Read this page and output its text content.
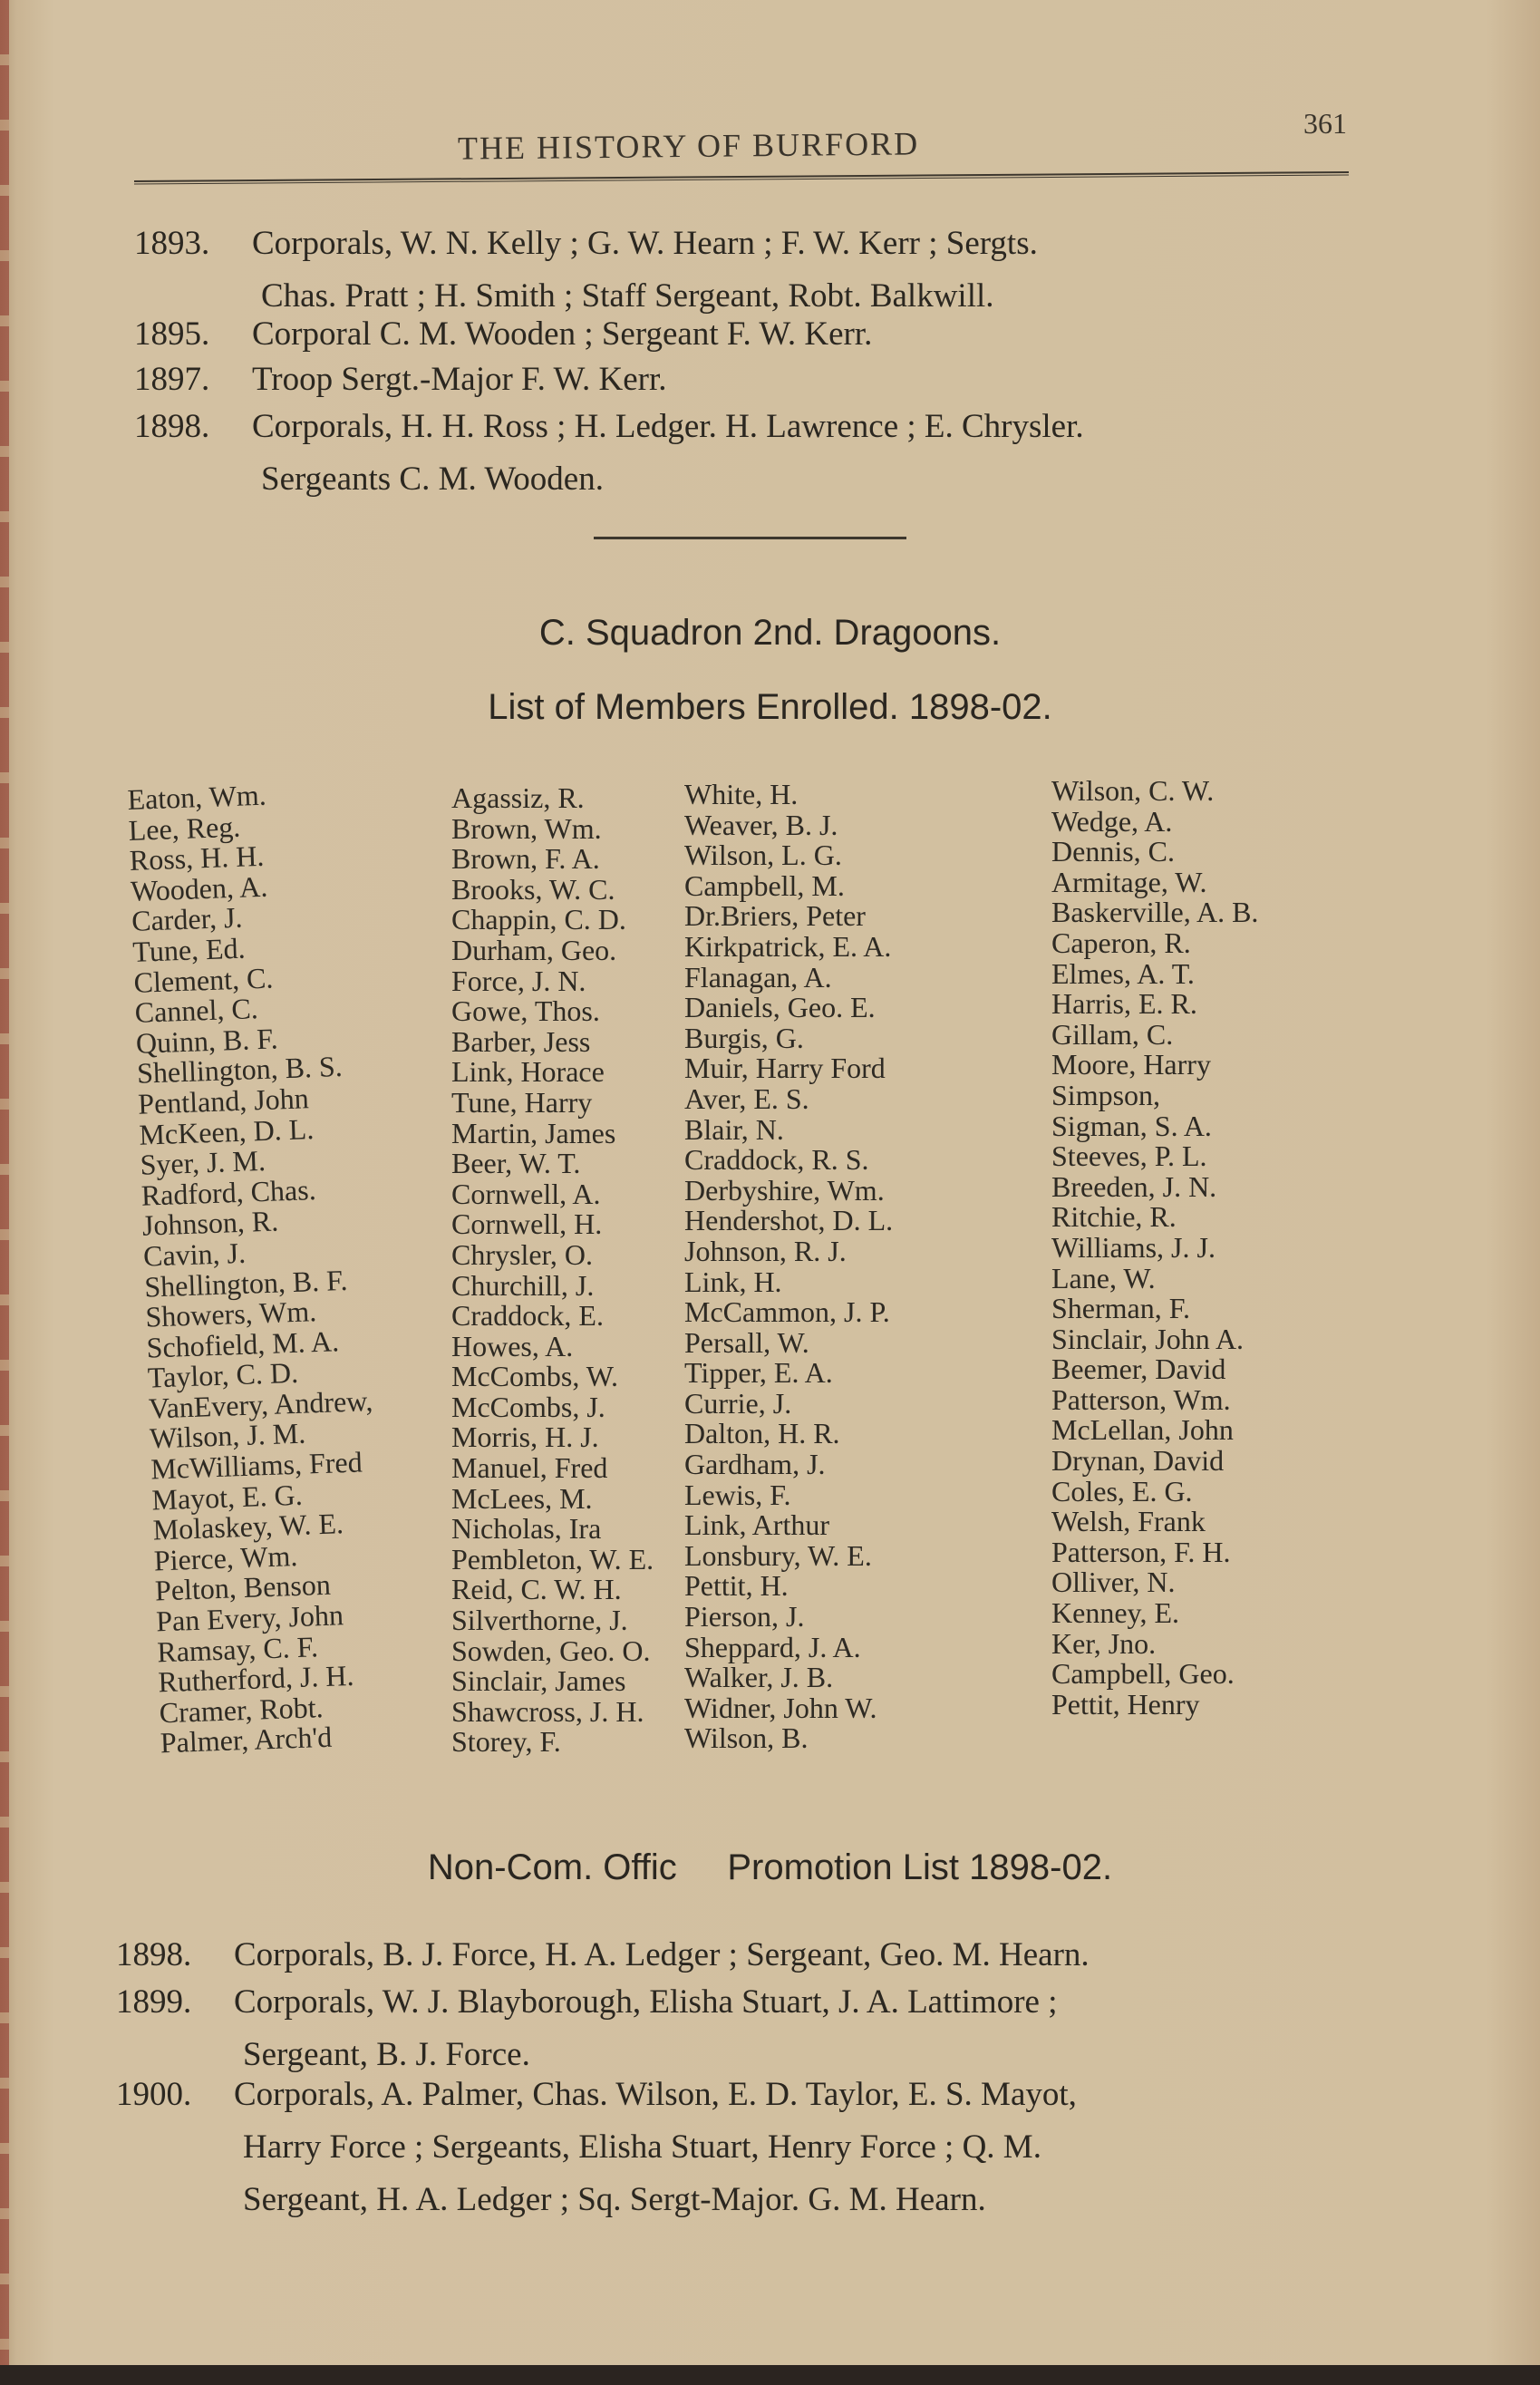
THE HISTORY OF BURFORD
361
1893. Corporals, W. N. Kelly ; G. W. Hearn ; F. W. Kerr ; Sergts.
Chas. Pratt ; H. Smith ; Staff Sergeant, Robt. Balkwill.
1895. Corporal C. M. Wooden ; Sergeant F. W. Kerr.
1897. Troop Sergt.-Major F. W. Kerr.
1898. Corporals, H. H. Ross ; H. Ledger. H. Lawrence ; E. Chrysler.
Sergeants C. M. Wooden.
C. Squadron 2nd. Dragoons.
List of Members Enrolled. 1898-02.
Eaton, Wm.
Lee, Reg.
Ross, H. H.
Wooden, A.
Carder, J.
Tune, Ed.
Clement, C.
Cannel, C.
Quinn, B. F.
Shellington, B. S.
Pentland, John
McKeen, D. L.
Syer, J. M.
Radford, Chas.
Johnson, R.
Cavin, J.
Shellington, B. F.
Showers, Wm.
Schofield, M. A.
Taylor, C. D.
VanEvery, Andrew,
Wilson, J. M.
McWilliams, Fred
Mayot, E. G.
Molaskey, W. E.
Pierce, Wm.
Pelton, Benson
Pan Every, John
Ramsay, C. F.
Rutherford, J. H.
Cramer, Robt.
Palmer, Arch'd
Agassiz, R.
Brown, Wm.
Brown, F. A.
Brooks, W. C.
Chappin, C. D.
Durham, Geo.
Force, J. N.
Gowe, Thos.
Barber, Jess
Link, Horace
Tune, Harry
Martin, James
Beer, W. T.
Cornwell, A.
Cornwell, H.
Chrysler, O.
Churchill, J.
Craddock, E.
Howes, A.
McCombs, W.
McCombs, J.
Morris, H. J.
Manuel, Fred
McLees, M.
Nicholas, Ira
Pembleton, W. E.
Reid, C. W. H.
Silverthorne, J.
Sowden, Geo. O.
Sinclair, James
Shawcross, J. H.
Storey, F.
White, H.
Weaver, B. J.
Wilson, L. G.
Campbell, M.
Dr.Briers, Peter
Kirkpatrick, E. A.
Flanagan, A.
Daniels, Geo. E.
Burgis, G.
Muir, Harry Ford
Aver, E. S.
Blair, N.
Craddock, R. S.
Derbyshire, Wm.
Hendershot, D. L.
Johnson, R. J.
Link, H.
McCammon, J. P.
Persall, W.
Tipper, E. A.
Currie, J.
Dalton, H. R.
Gardham, J.
Lewis, F.
Link, Arthur
Lonsbury, W. E.
Pettit, H.
Pierson, J.
Sheppard, J. A.
Walker, J. B.
Widner, John W.
Wilson, B.
Wilson, C. W.
Wedge, A.
Dennis, C.
Armitage, W.
Baskerville, A. B.
Caperon, R.
Elmes, A. T.
Harris, E. R.
Gillam, C.
Moore, Harry
Simpson,
Sigman, S. A.
Steeves, P. L.
Breeden, J. N.
Ritchie, R.
Williams, J. J.
Lane, W.
Sherman, F.
Sinclair, John A.
Beemer, David
Patterson, Wm.
McLellan, John
Drynan, David
Coles, E. G.
Welsh, Frank
Patterson, F. H.
Olliver, N.
Kenney, E.
Ker, Jno.
Campbell, Geo.
Pettit, Henry
Non-Com. Offic     Promotion List 1898-02.
1898. Corporals, B. J. Force, H. A. Ledger ; Sergeant, Geo. M. Hearn.
1899. Corporals, W. J. Blayborough, Elisha Stuart, J. A. Lattimore ;
Sergeant, B. J. Force.
1900. Corporals, A. Palmer, Chas. Wilson, E. D. Taylor, E. S. Mayot,
Harry Force ; Sergeants, Elisha Stuart, Henry Force ; Q. M.
Sergeant, H. A. Ledger ; Sq. Sergt-Major. G. M. Hearn.
